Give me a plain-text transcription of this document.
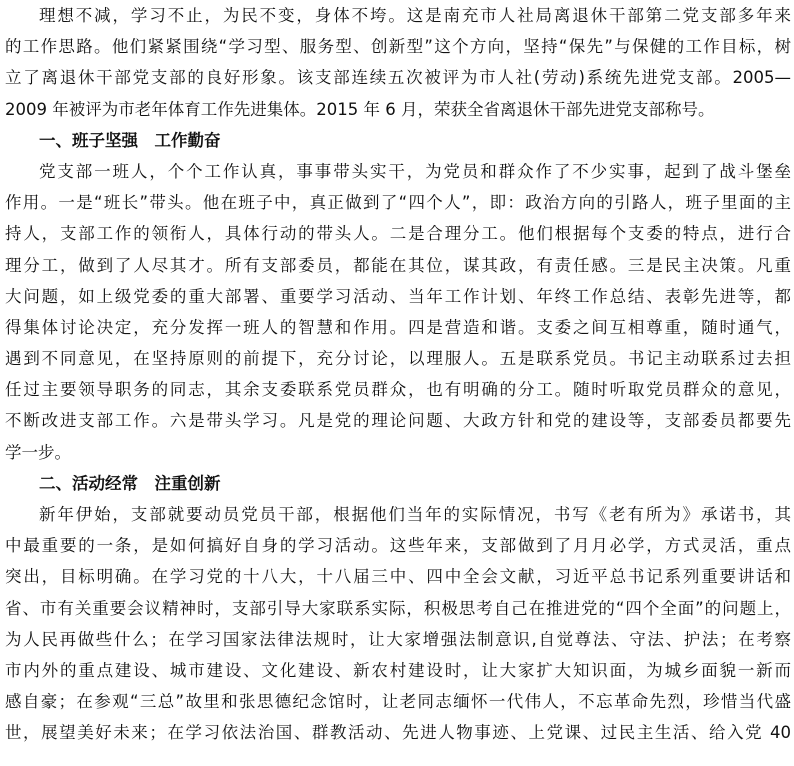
理想不减，学习不止，为民不变，身体不垮。这是南充市人社局离退休干部第二党支部多年来
的工作思路。他们紧紧围绕“学习型、服务型、创新型”这个方向，坚持“保先”与保健的工作目标，树
立了离退休干部党支部的良好形象。该支部连续五次被评为市人社(劳动)系统先进党支部。2005—
2009 年被评为市老年体育工作先进集体。2015 年 6 月，荣获全省离退休干部先进党支部称号。
一、班子坚强　工作勤奋
党支部一班人，个个工作认真，事事带头实干，为党员和群众作了不少实事，起到了战斗堡垒
作用。一是“班长”带头。他在班子中，真正做到了“四个人”，即：政治方向的引路人，班子里面的主
持人，支部工作的领衔人，具体行动的带头人。二是合理分工。他们根据每个支委的特点，进行合
理分工，做到了人尽其才。所有支部委员，都能在其位，谋其政，有责任感。三是民主决策。凡重
大问题，如上级党委的重大部署、重要学习活动、当年工作计划、年终工作总结、表彰先进等，都
得集体讨论决定，充分发挥一班人的智慧和作用。四是营造和谐。支委之间互相尊重，随时通气，
遇到不同意见，在坚持原则的前提下，充分讨论，以理服人。五是联系党员。书记主动联系过去担
任过主要领导职务的同志，其余支委联系党员群众，也有明确的分工。随时听取党员群众的意见，
不断改进支部工作。六是带头学习。凡是党的理论问题、大政方针和党的建设等，支部委员都要先
学一步。
二、活动经常　注重创新
新年伊始，支部就要动员党员干部，根据他们当年的实际情况，书写《老有所为》承诺书，其
中最重要的一条，是如何搞好自身的学习活动。这些年来，支部做到了月月必学，方式灵活，重点
突出，目标明确。在学习党的十八大，十八届三中、四中全会文献，习近平总书记系列重要讲话和
省、市有关重要会议精神时，支部引导大家联系实际，积极思考自己在推进党的“四个全面”的问题上，
为人民再做些什么；在学习国家法律法规时，让大家增强法制意识,自觉尊法、守法、护法；在考察
市内外的重点建设、城市建设、文化建设、新农村建设时，让大家扩大知识面，为城乡面貌一新而
感自豪；在参观“三总”故里和张思德纪念馆时，让老同志缅怀一代伟人，不忘革命先烈，珍惜当代盛
世，展望美好未来；在学习依法治国、群教活动、先进人物事迹、上党课、过民主生活、给入党 40
